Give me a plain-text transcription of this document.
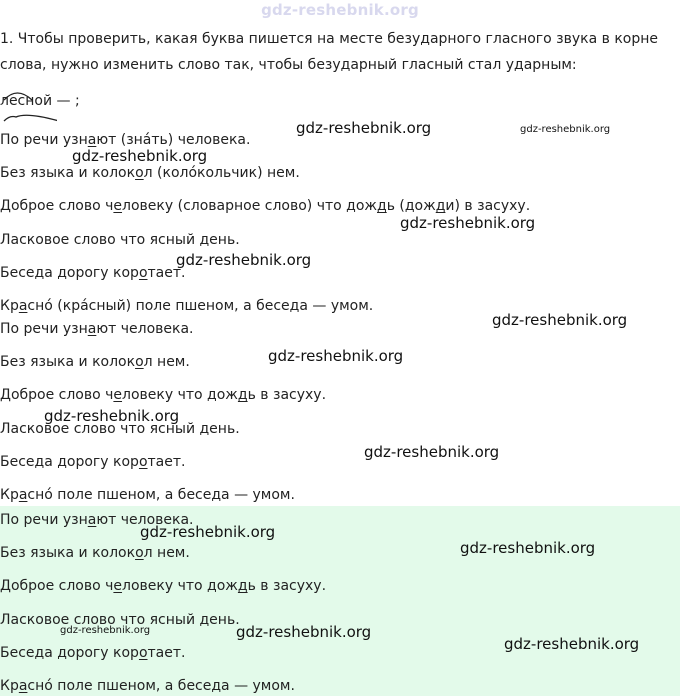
gdz-reshebnik.org
1. Чтобы проверить, какая буква пишется на месте безударного гласного звука в корне
слова, нужно изменить слово так, чтобы безударный гласный стал ударным:
лесной — ;
По речи узнают (зна́ть) человека.
Без языка и колокол (коло́кольчик) нем.
Доброе слово человеку (словарное слово) что дождь (дожди) в засуху.
Ласковое слово что ясный день.
Беседа дорогу коротает.
Красно́ (кра́сный) поле пшеном, а беседа — умом.
По речи узнают человека.
Без языка и колокол нем.
Доброе слово человеку что дождь в засуху.
Ласковое слово что ясный день.
Беседа дорогу коротает.
Красно́ поле пшеном, а беседа — умом.
По речи узнают человека.
Без языка и колокол нем.
Доброе слово человеку что дождь в засуху.
Ласковое слово что ясный день.
Беседа дорогу коротает.
Красно́ поле пшеном, а беседа — умом.
gdz-reshebnik.org	gdz-reshebnik.org
gdz-reshebnik.org
gdz-reshebnik.org
gdz-reshebnik.org
gdz-reshebnik.org
gdz-reshebnik.org
gdz-reshebnik.org
gdz-reshebnik.org
gdz-reshebnik.org
gdz-reshebnik.org
gdz-reshebnik.org	gdz-reshebnik.org
gdz-reshebnik.org
